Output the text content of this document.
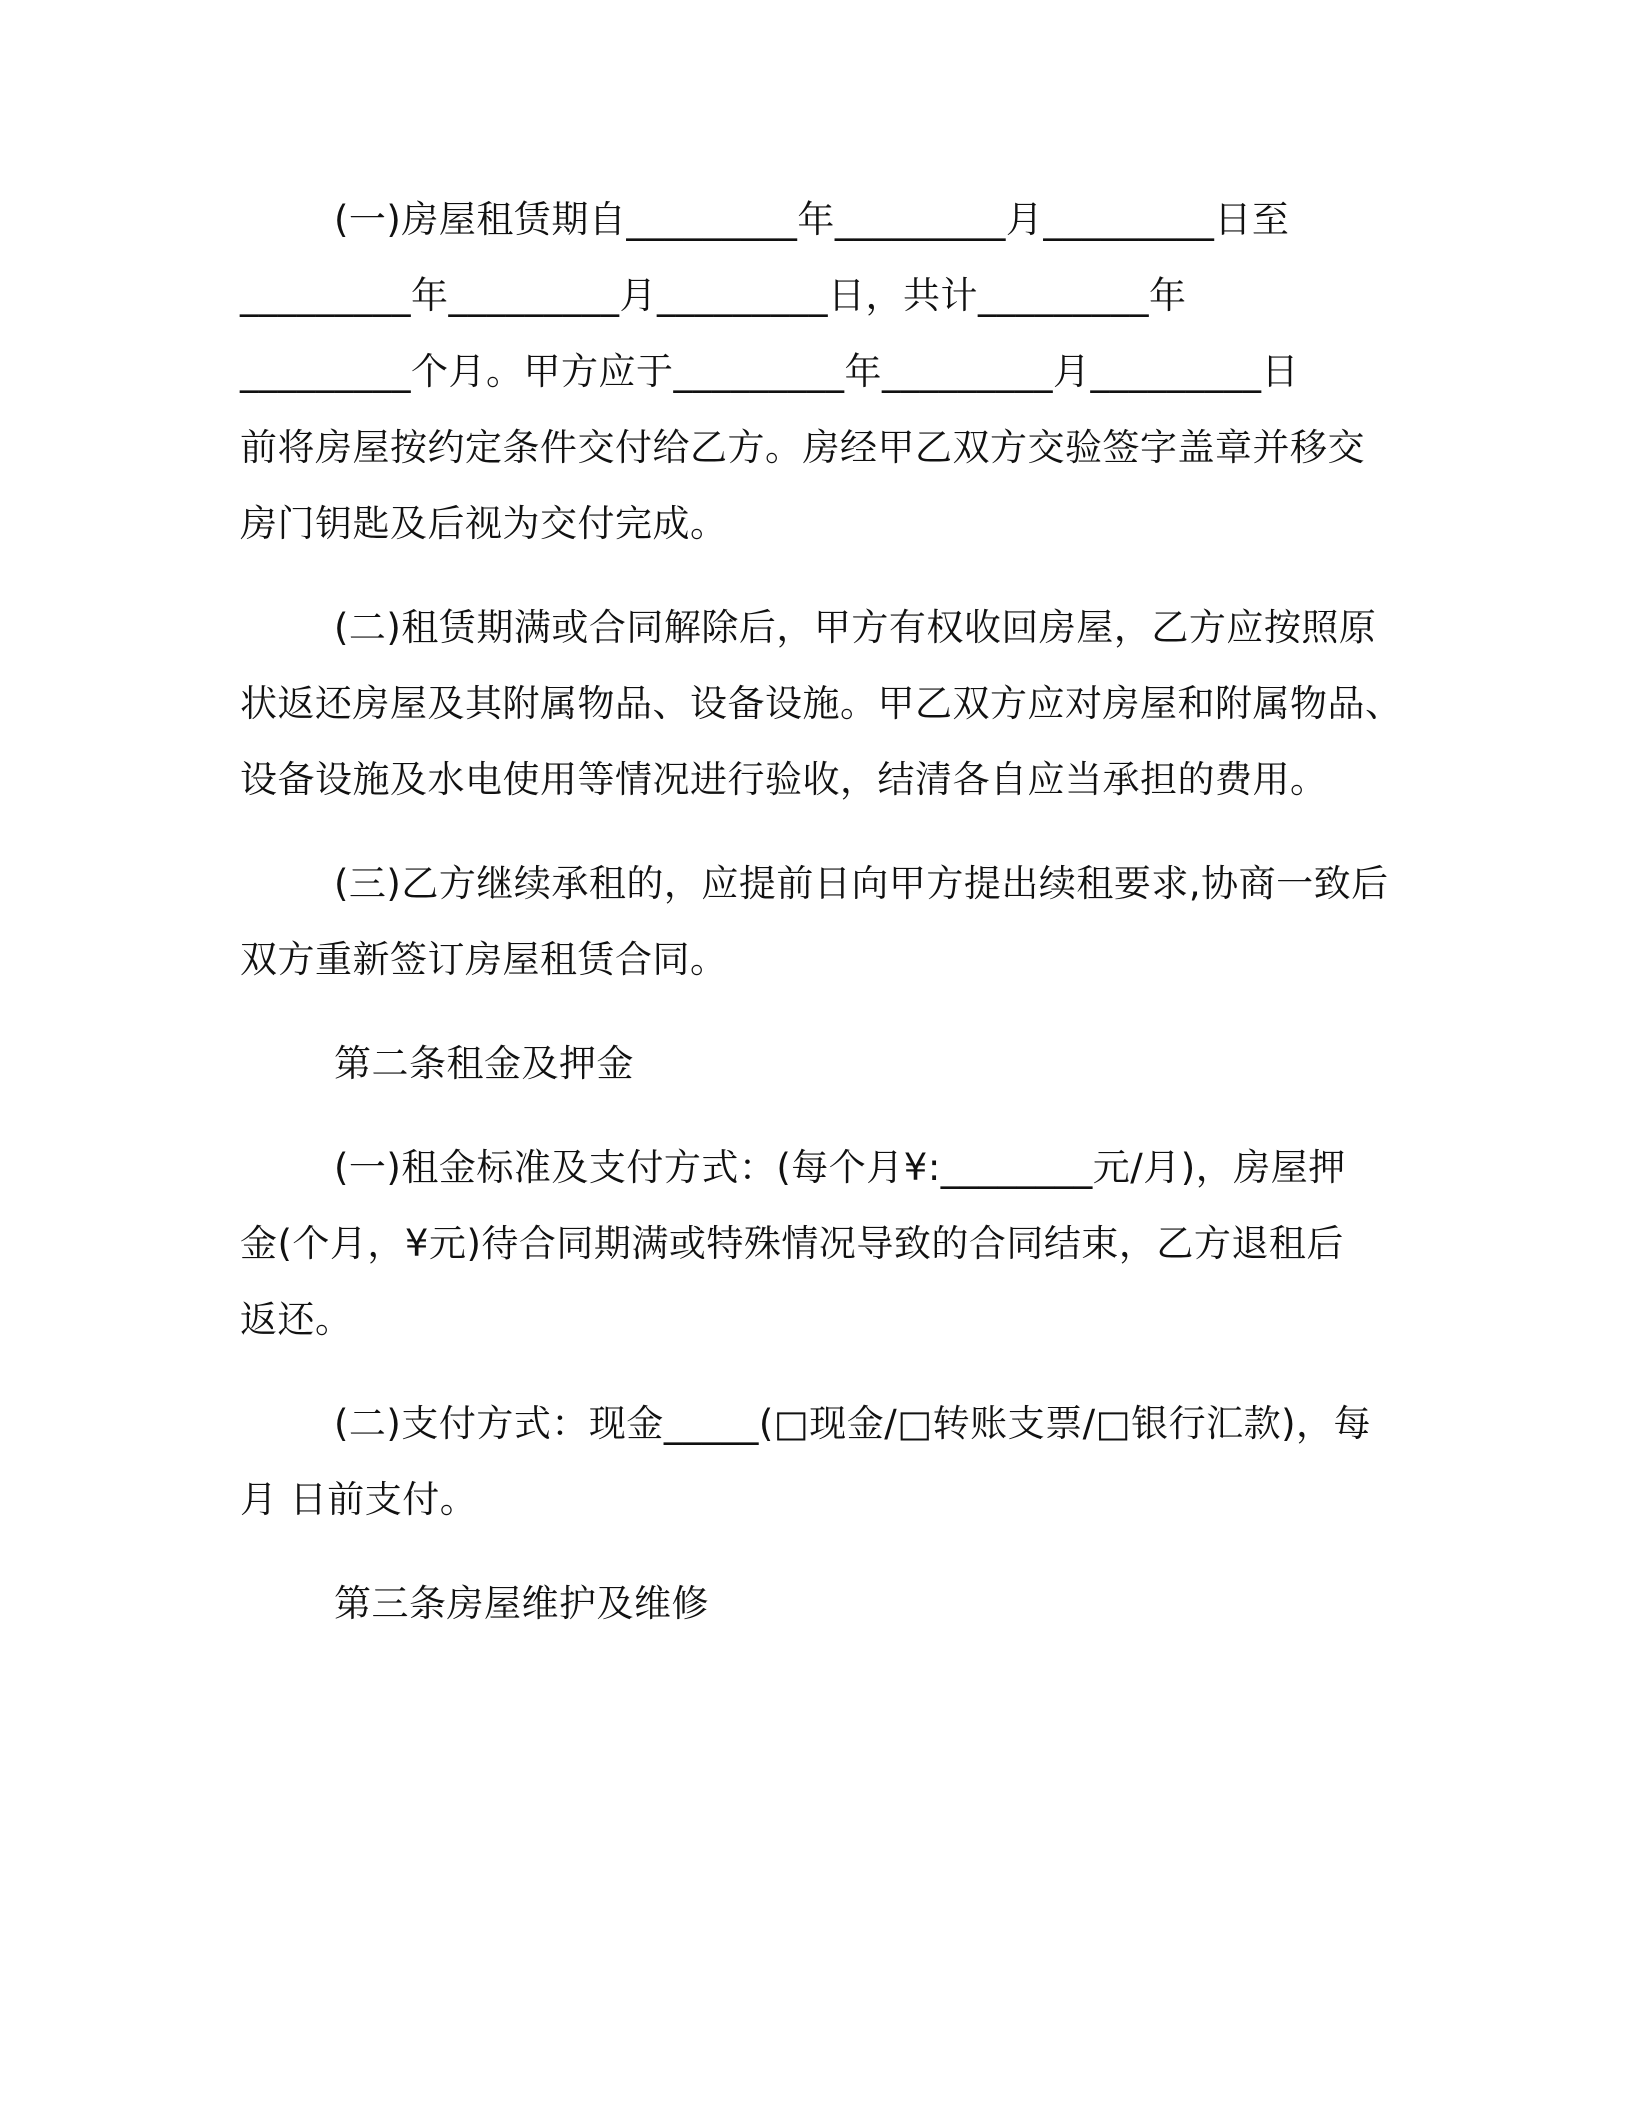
(一)房屋租赁期自_________年_________月_________日至
_________年_________月_________日，共计_________年
_________个月。甲方应于_________年_________月_________日
前将房屋按约定条件交付给乙方。房经甲乙双方交验签字盖章并移交
房门钥匙及后视为交付完成。
(二)租赁期满或合同解除后，甲方有权收回房屋，乙方应按照原
状返还房屋及其附属物品、设备设施。甲乙双方应对房屋和附属物品、
设备设施及水电使用等情况进行验收，结清各自应当承担的费用。
(三)乙方继续承租的，应提前日向甲方提出续租要求,协商一致后
双方重新签订房屋租赁合同。
第二条租金及押金
(一)租金标准及支付方式：(每个月¥:________元/月)，房屋押
金(个月，¥元)待合同期满或特殊情况导致的合同结束，乙方退租后
返还。
(二)支付方式：现金_____(□现金/□转账支票/□银行汇款)，每
月 日前支付。
第三条房屋维护及维修
